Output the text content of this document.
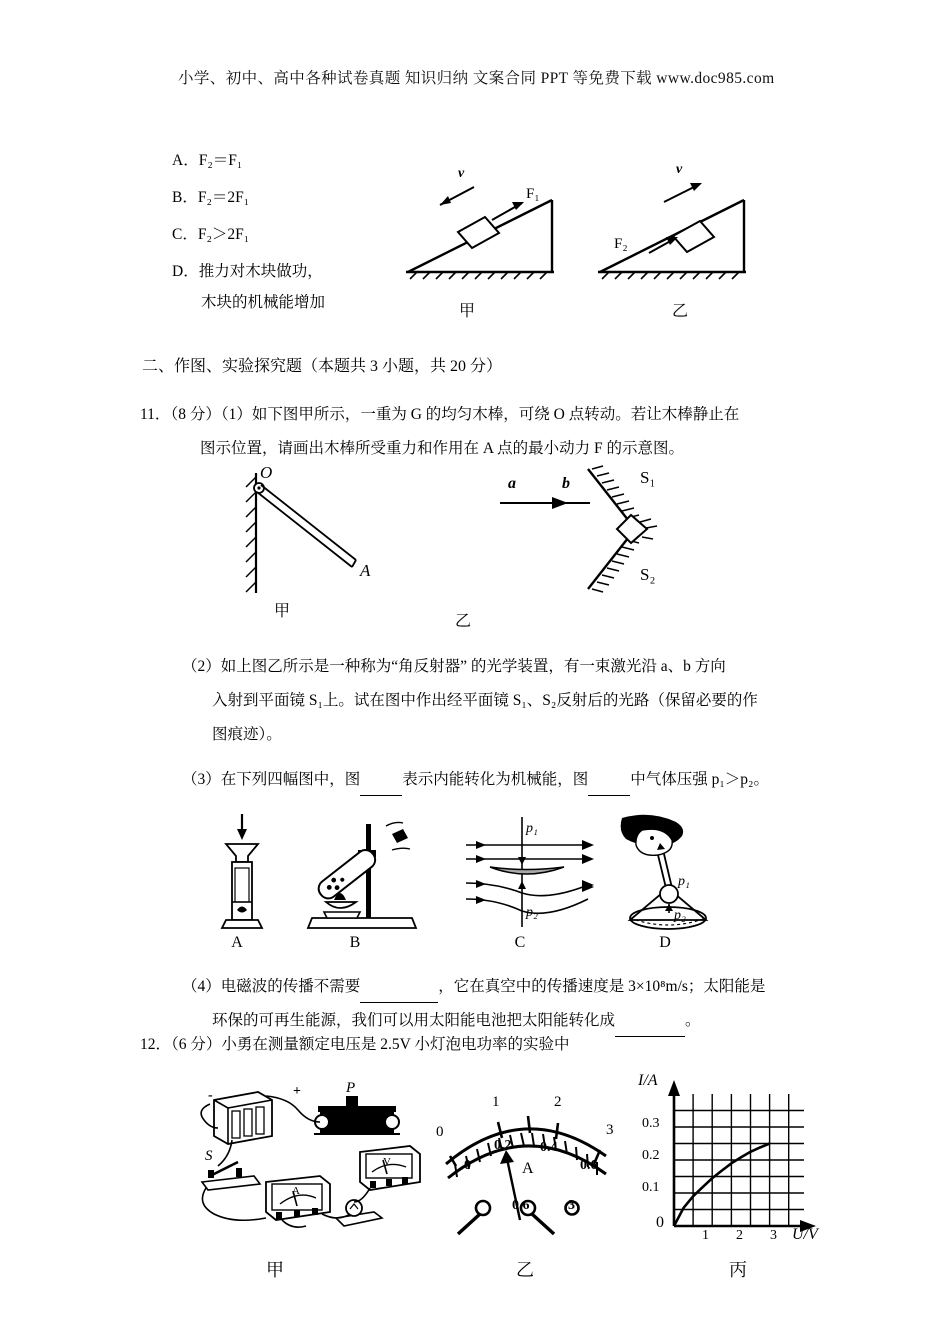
小学、初中、高中各种试卷真题 知识归纳 文案合同 PPT 等免费下载 www.doc985.com
A．F₂＝F₁
B．F₂＝2F₁
C．F₂＞2F₁
D．推力对木块做功，
木块的机械能增加
v
F₁
甲
v
F₂
乙
二、作图、实验探究题（本题共 3 小题，共 20 分）
11．（8 分）（1）如下图甲所示，一重为 G 的均匀木棒，可绕 O 点转动。若让木棒静止在
图示位置，请画出木棒所受重力和作用在 A 点的最小动力 F 的示意图。
O
A
甲
a	b	S₁
S₂
乙
（2）如上图乙所示是一种称为“角反射器” 的光学装置，有一束激光沿 a、b 方向
入射到平面镜 S₁上。试在图中作出经平面镜 S₁、S₂反射后的光路（保留必要的作
图痕迹）。
（3）在下列四幅图中，图	表示内能转化为机械能，图	中气体压强 p₁＞p₂。
A	B
p₁
p₂
C
p₁
p₂
D
（4）电磁波的传播不需要	，它在真空中的传播速度是 3×10⁸m/s；太阳能是
环保的可再生能源，我们可以用太阳能电池把太阳能转化成	。
12．（6 分）小勇在测量额定电压是 2.5V 小灯泡电功率的实验中
+
-	P
S
A
V
甲
0
1	2
3
0
0.2 0.4
0.6
A
0.6	3
乙
I/A
U/V
0
0.1
0.2
0.3
1 2 3
丙
